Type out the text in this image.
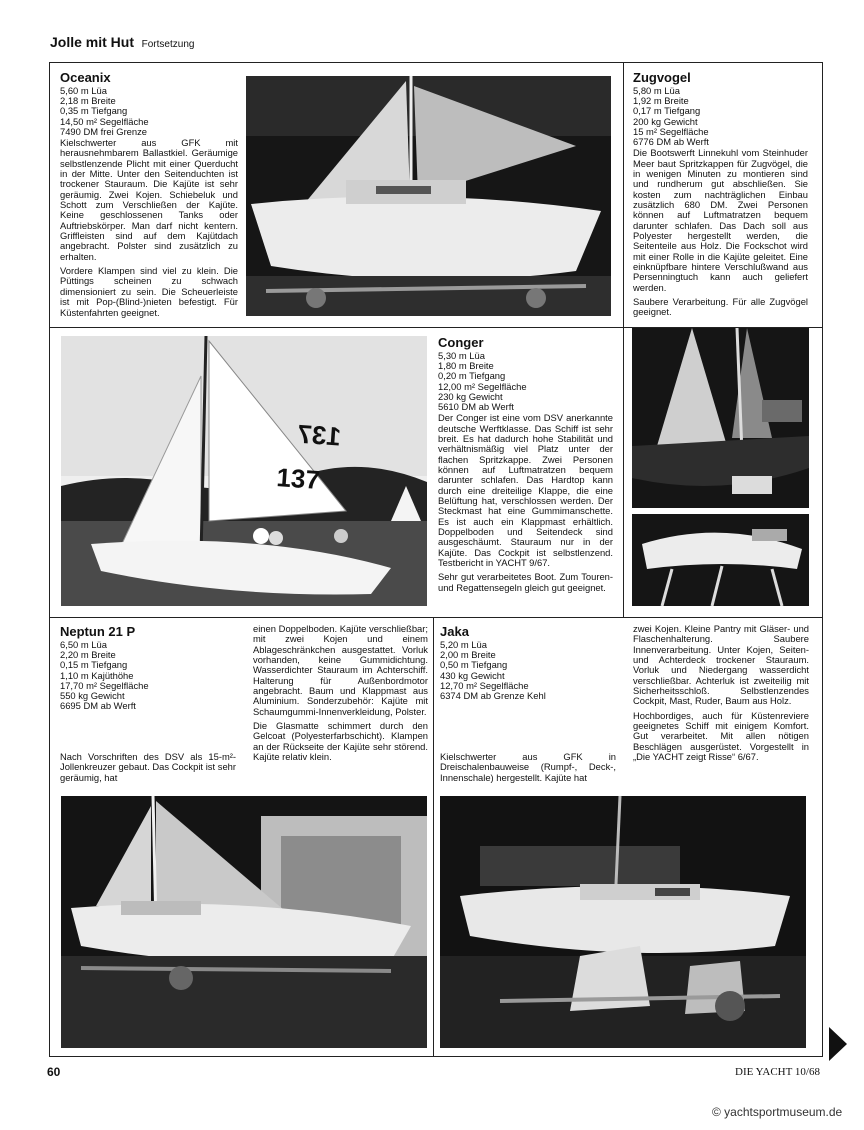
Jolle mit Hut Fortsetzung
Oceanix
5,60 m Lüa
2,18 m Breite
0,35 m Tiefgang
14,50 m² Segelfläche
7490 DM frei Grenze

Kielschwerter aus GFK mit herausnehmbarem Ballastkiel. Geräumige selbstlenzende Plicht mit einer Querducht in der Mitte. Unter den Seitenduchten ist trockener Stauraum. Die Kajüte ist sehr geräumig. Zwei Kojen. Schiebeluk und Schott zum Verschließen der Kajüte. Keine geschlossenen Tanks oder Auftriebskörper. Man darf nicht kentern. Griffleisten sind auf dem Kajütdach angebracht. Polster sind zusätzlich zu erhalten.

Vordere Klampen sind viel zu klein. Die Püttings scheinen zu schwach dimensioniert zu sein. Die Scheuerleiste ist mit Pop-(Blind-)nieten befestigt. Für Küstenfahrten geeignet.

Zugvogel
5,80 m Lüa
1,92 m Breite
0,17 m Tiefgang
200 kg Gewicht
15 m² Segelfläche
6776 DM ab Werft

Die Bootswerft Linnekuhl vom Steinhuder Meer baut Spritzkappen für Zugvögel, die in wenigen Minuten zu montieren sind und rundherum gut abschließen. Sie kosten zum nachträglichen Einbau zusätzlich 680 DM. Zwei Personen können auf Luftmatratzen bequem darunter schlafen. Das Dach soll aus Polyester hergestellt werden, die Seitenteile aus Holz. Die Fockschot wird mit einer Rolle in die Kajüte geleitet. Eine einknüpfbare hintere Verschlußwand aus Persenningtuch kann auch geliefert werden.

Saubere Verarbeitung. Für alle Zugvögel geeignet.

137
137
Conger
5,30 m Lüa
1,80 m Breite
0,20 m Tiefgang
12,00 m² Segelfläche
230 kg Gewicht
5610 DM ab Werft

Der Conger ist eine vom DSV anerkannte deutsche Werftklasse. Das Schiff ist sehr breit. Es hat dadurch hohe Stabilität und verhältnismäßig viel Platz unter der flachen Spritzkappe. Zwei Personen können auf Luftmatratzen bequem darunter schlafen. Das Hardtop kann durch eine dreiteilige Klappe, die eine Belüftung hat, verschlossen werden. Der Steckmast hat eine Gummimanschette. Es ist auch ein Klappmast erhältlich. Doppelboden und Seitendeck sind ausgeschäumt. Stauraum nur in der Kajüte. Das Cockpit ist selbstlenzend. Testbericht in YACHT 9/67.

Sehr gut verarbeitetes Boot. Zum Touren- und Regattensegeln gleich gut geeignet.

Neptun 21 P
6,50 m Lüa
2,20 m Breite
0,15 m Tiefgang
1,10 m Kajüthöhe
17,70 m² Segelfläche
550 kg Gewicht
6695 DM ab Werft
Nach Vorschriften des DSV als 15-m²-Jollenkreuzer gebaut. Das Cockpit ist sehr geräumig, hat

einen Doppelboden. Kajüte verschließbar; mit zwei Kojen und einem Ablageschränkchen ausgestattet. Vorluk vorhanden, keine Gummidichtung. Wasserdichter Stauraum im Achterschiff. Halterung für Außenbordmotor angebracht. Baum und Klappmast aus Aluminium. Sonderzubehör: Kajüte mit Schaumgummi-Innenverkleidung, Polster.

Die Glasmatte schimmert durch den Gelcoat (Polyesterfarbschicht). Klampen an der Rückseite der Kajüte sehr störend. Kajüte relativ klein.

Jaka
5,20 m Lüa
2,00 m Breite
0,50 m Tiefgang
430 kg Gewicht
12,70 m² Segelfläche
6374 DM ab Grenze Kehl
Kielschwerter aus GFK in Dreischalenbauweise (Rumpf-, Deck-, Innenschale) hergestellt. Kajüte hat

zwei Kojen. Kleine Pantry mit Gläser- und Flaschenhalterung. Saubere Innenverarbeitung. Unter Kojen, Seiten- und Achterdeck trockener Stauraum. Vorluk und Niedergang wasserdicht verschließbar. Achterluk ist zweiteilig mit Sicherheitsschloß. Selbstlenzendes Cockpit, Mast, Ruder, Baum aus Holz.

Hochbordiges, auch für Küstenreviere geeignetes Schiff mit einigem Komfort. Gut verarbeitet. Mit allen nötigen Beschlägen ausgerüstet. Vorgestellt in „Die YACHT zeigt Risse“ 6/67.

60	DIE YACHT 10/68
© yachtsportmuseum.de
